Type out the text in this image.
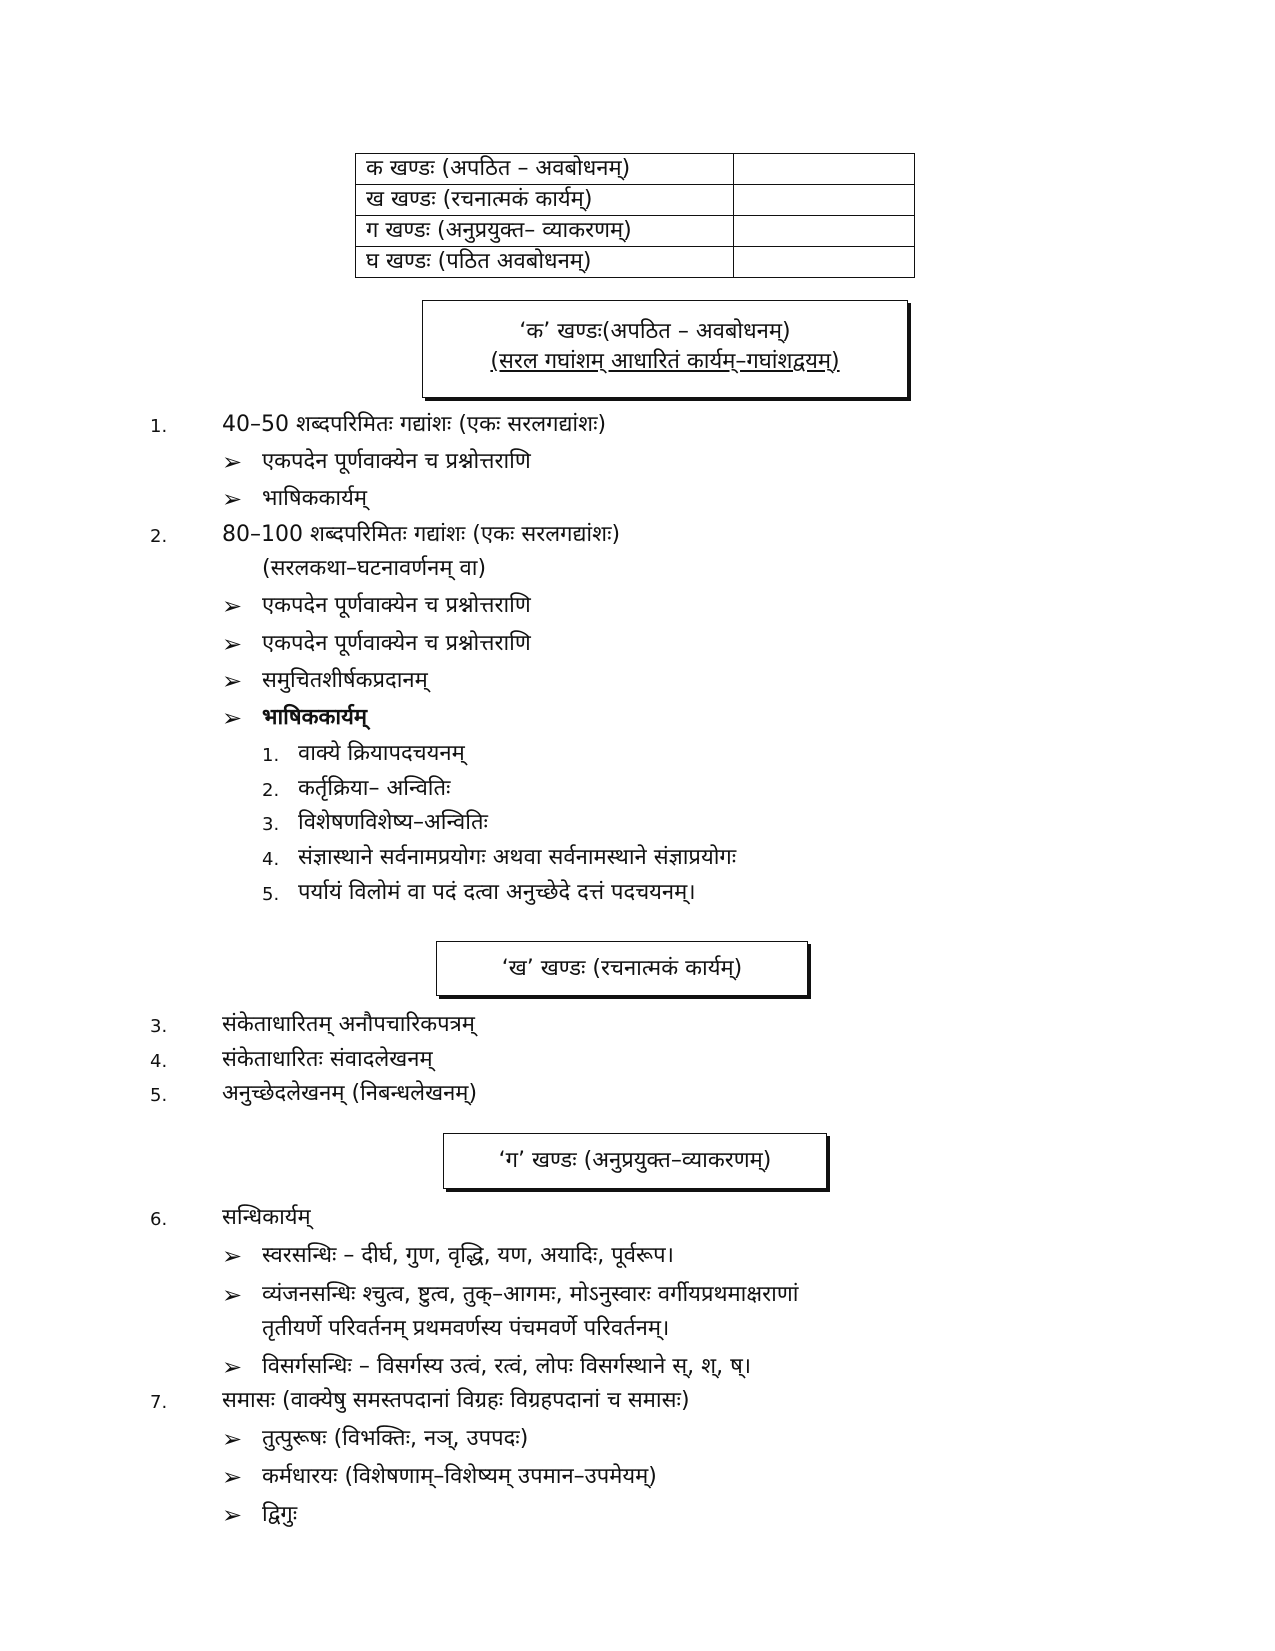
क खण्डः (अपठित – अवबोधनम्)	
ख खण्डः (रचनात्मकं कार्यम्)	
ग खण्डः (अनुप्रयुक्त– व्याकरणम्)	
घ खण्डः (पठित अवबोधनम्)	
‘क’ खण्डः(अपठित – अवबोधनम्)
(सरल गघांशम् आधारितं कार्यम्–गघांशद्वयम्)
1. 40–50 शब्दपरिमितः गद्यांशः (एकः सरलगद्यांशः)
➢ एकपदेन पूर्णवाक्येन च प्रश्नोत्तराणि
➢ भाषिककार्यम्
2. 80–100 शब्दपरिमितः गद्यांशः (एकः सरलगद्यांशः)
(सरलकथा–घटनावर्णनम् वा)
➢ एकपदेन पूर्णवाक्येन च प्रश्नोत्तराणि
➢ एकपदेन पूर्णवाक्येन च प्रश्नोत्तराणि
➢ समुचितशीर्षकप्रदानम्
➢ भाषिककार्यम्
1. वाक्ये क्रियापदचयनम्
2. कर्तृक्रिया– अन्वितिः
3. विशेषणविशेष्य–अन्वितिः
4. संज्ञास्थाने सर्वनामप्रयोगः अथवा सर्वनामस्थाने संज्ञाप्रयोगः
5. पर्यायं विलोमं वा पदं दत्वा अनुच्छेदे दत्तं पदचयनम्।
‘ख’ खण्डः (रचनात्मकं कार्यम्)
3. संकेताधारितम् अनौपचारिकपत्रम्
4. संकेताधारितः संवादलेखनम्
5. अनुच्छेदलेखनम् (निबन्धलेखनम्)
‘ग’ खण्डः (अनुप्रयुक्त–व्याकरणम्)
6. सन्धिकार्यम्
➢ स्वरसन्धिः – दीर्घ, गुण, वृद्धि, यण, अयादिः, पूर्वरूप।
➢ व्यंजनसन्धिः श्चुत्व, ष्टुत्व, तुक्–आगमः, मोऽनुस्वारः वर्गीयप्रथमाक्षराणां
तृतीयर्णे परिवर्तनम् प्रथमवर्णस्य पंचमवर्णे परिवर्तनम्।
➢ विसर्गसन्धिः – विसर्गस्य उत्वं, रत्वं, लोपः विसर्गस्थाने स्, श्, ष्।
7. समासः (वाक्येषु समस्तपदानां विग्रहः विग्रहपदानां च समासः)
➢ तुत्पुरूषः (विभक्तिः, नञ्, उपपदः)
➢ कर्मधारयः (विशेषणाम्–विशेष्यम् उपमान–उपमेयम्)
➢ द्विगुः
